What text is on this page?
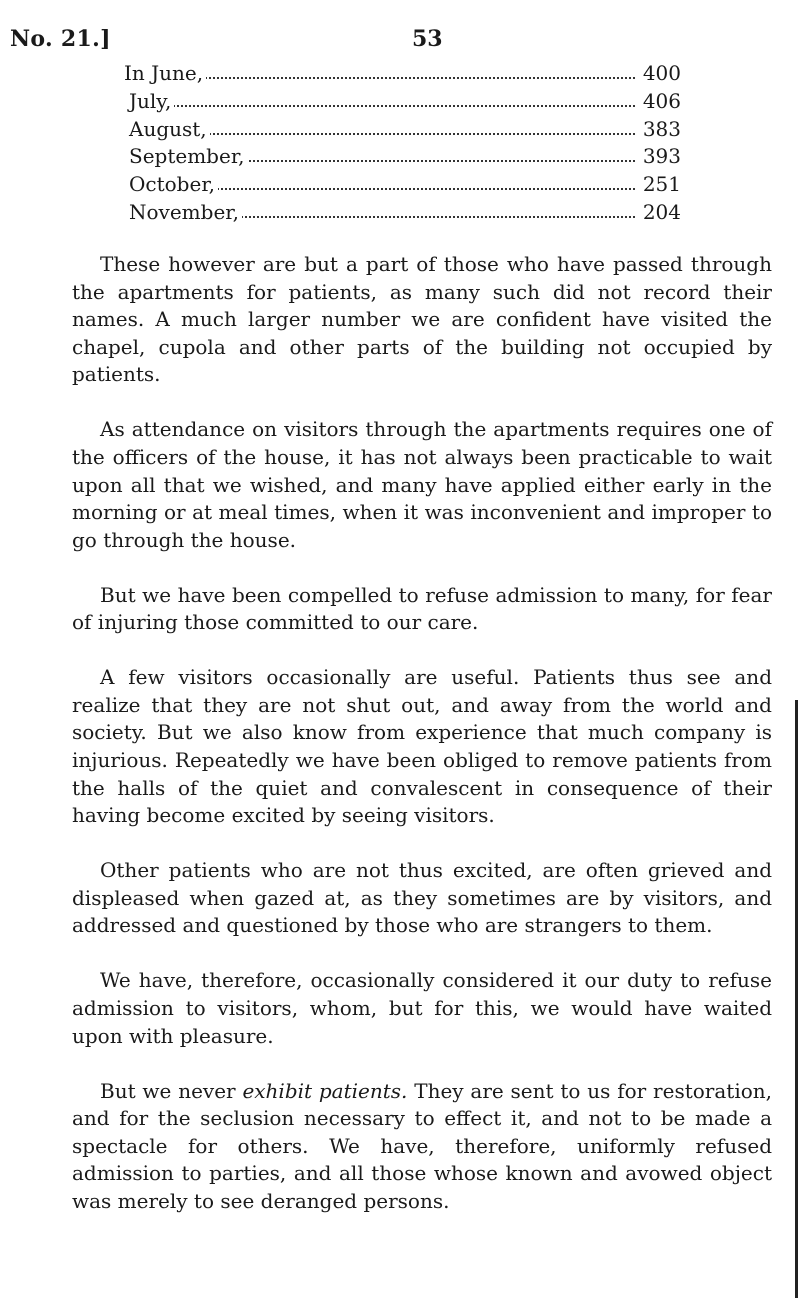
No. 21.]	53
In June,	400
July,	406
August,	383
September,	393
October,	251
November,	204

These however are but a part of those who have passed through the apartments for patients, as many such did not record their names. A much larger number we are confident have visited the chapel, cupola and other parts of the building not occupied by patients.

As attendance on visitors through the apartments requires one of the officers of the house, it has not always been practicable to wait upon all that we wished, and many have applied either early in the morning or at meal times, when it was inconvenient and improper to go through the house.

But we have been compelled to refuse admission to many, for fear of injuring those committed to our care.

A few visitors occasionally are useful. Patients thus see and realize that they are not shut out, and away from the world and society. But we also know from experience that much company is injurious. Repeatedly we have been obliged to remove patients from the halls of the quiet and convalescent in consequence of their having become excited by seeing visitors.

Other patients who are not thus excited, are often grieved and displeased when gazed at, as they sometimes are by visitors, and addressed and questioned by those who are strangers to them.

We have, therefore, occasionally considered it our duty to refuse admission to visitors, whom, but for this, we would have waited upon with pleasure.

But we never exhibit patients. They are sent to us for restoration, and for the seclusion necessary to effect it, and not to be made a spectacle for others. We have, therefore, uniformly refused admission to parties, and all those whose known and avowed object was merely to see deranged persons.
